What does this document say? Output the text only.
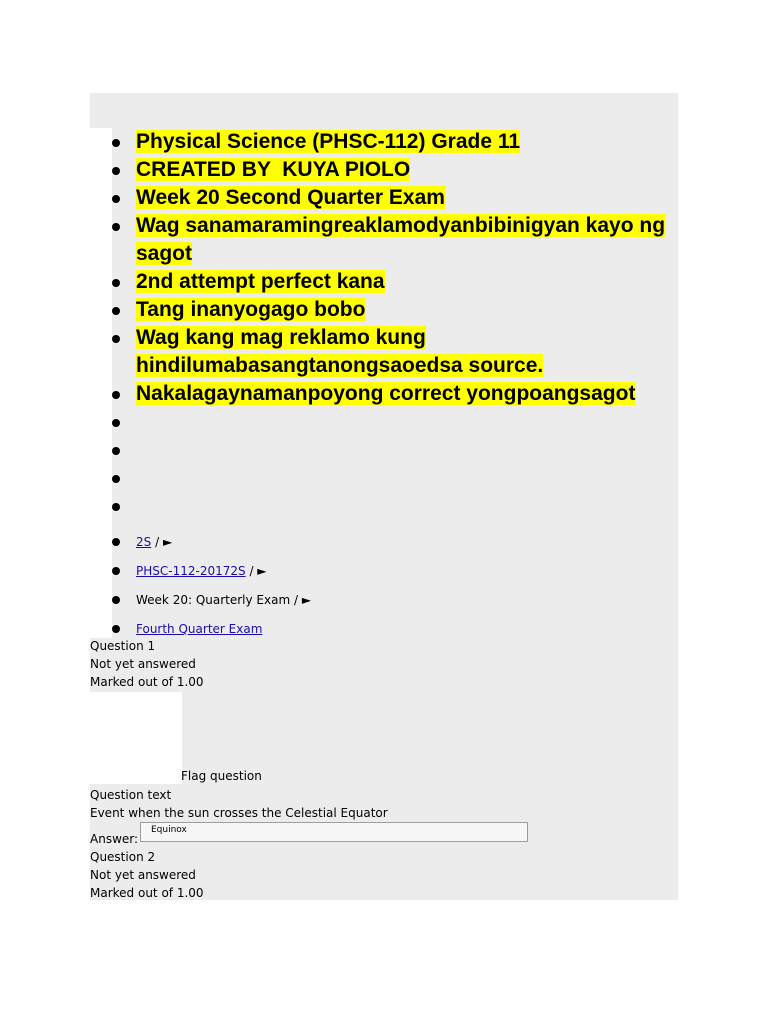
Physical Science (PHSC-112) Grade 11
CREATED BY  KUYA PIOLO
Week 20 Second Quarter Exam
Wag sanamaramingreaklamodyanbibinigyan kayo ng sagot
2nd attempt perfect kana
Tang inanyogago bobo
Wag kang mag reklamo kung hindilumabasangtanongsaoedsa source.
Nakalagaynamanpoyong correct yongpoangsagot
2S / ►
PHSC-112-20172S / ►
Week 20: Quarterly Exam / ►
Fourth Quarter Exam
Question 1
Not yet answered
Marked out of 1.00
Flag question
Question text
Event when the sun crosses the Celestial Equator
Answer:
Equinox
Question 2
Not yet answered
Marked out of 1.00
